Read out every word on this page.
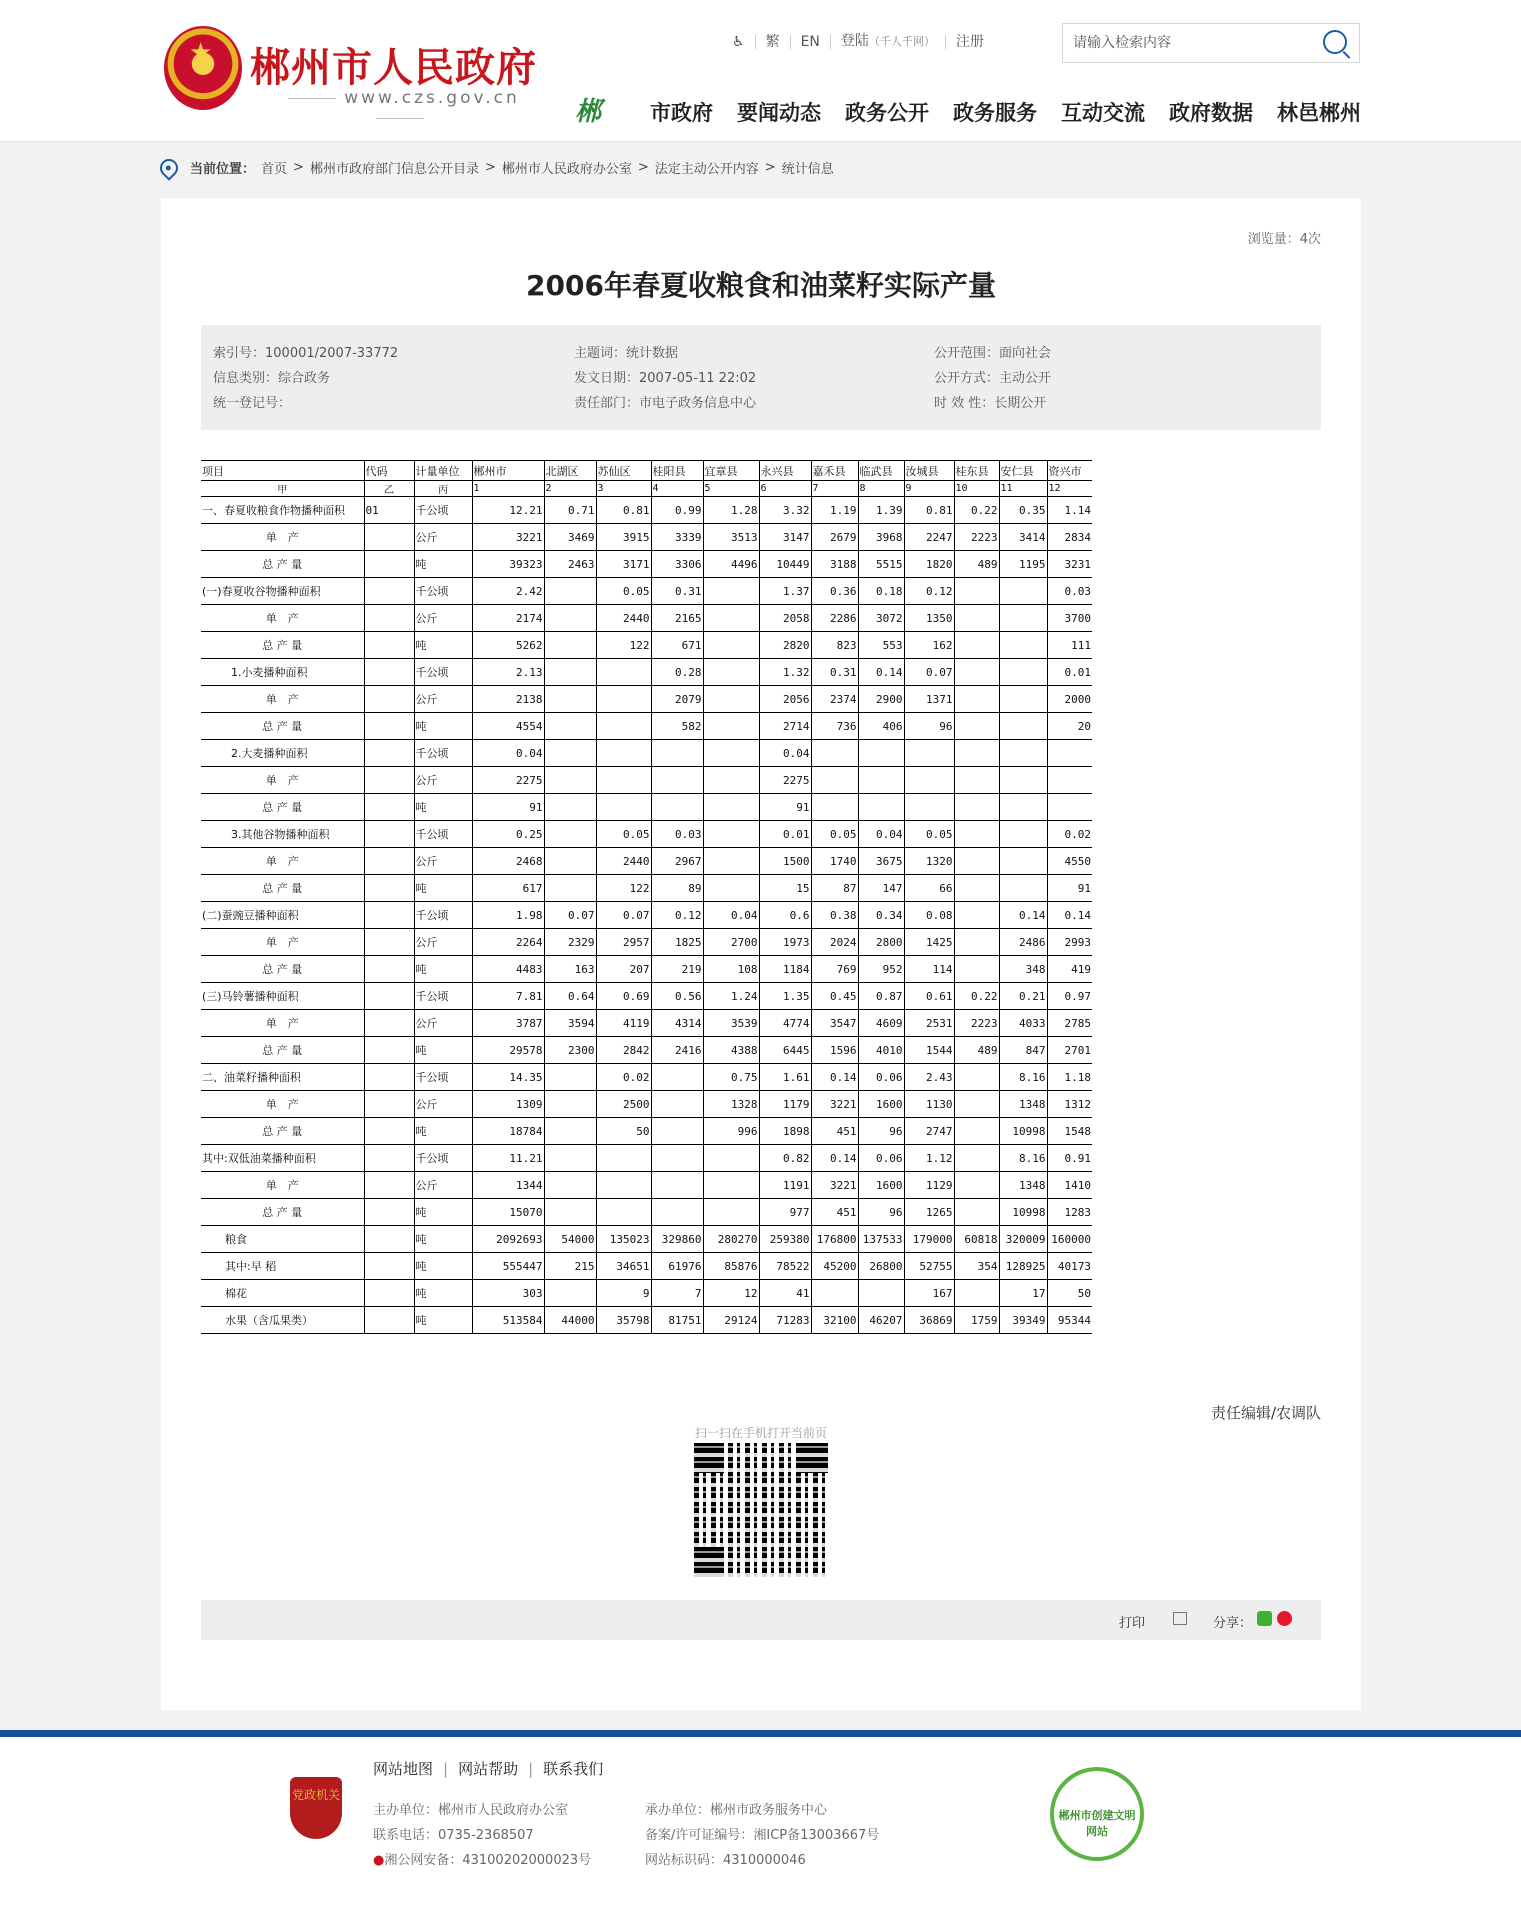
★ 郴州市人民政府
www.czs.gov.cn
♿︎	繁	EN	登陆（千人千网）	注册
请输入检索内容
郴 市政府 要闻动态 政务公开 政务服务 互动交流 政府数据 林邑郴州
当前位置： 首页 > 郴州市政府部门信息公开目录 > 郴州市人民政府办公室 > 法定主动公开内容 > 统计信息
浏览量：4次
2006年春夏收粮食和油菜籽实际产量
索引号：100001/2007-33772
信息类别：综合政务
统一登记号：
主题词：统计数据
发文日期：2007-05-11 22:02
责任部门：市电子政务信息中心
公开范围：面向社会
公开方式：主动公开
时 效 性：长期公开
项目	代码	计量单位	郴州市	北湖区	苏仙区	桂阳县	宜章县	永兴县	嘉禾县	临武县	汝城县	桂东县	安仁县	资兴市
甲	乙	丙	1	2	3	4	5	6	7	8	9	10	11	12
一、春夏收粮食作物播种面积	01	千公顷	12.21	0.71	0.81	0.99	1.28	3.32	1.19	1.39	0.81	0.22	0.35	1.14
单　产		公斤	3221	3469	3915	3339	3513	3147	2679	3968	2247	2223	3414	2834
总 产 量		吨	39323	2463	3171	3306	4496	10449	3188	5515	1820	489	1195	3231
(一)春夏收谷物播种面积		千公顷	2.42		0.05	0.31		1.37	0.36	0.18	0.12			0.03
单　产		公斤	2174		2440	2165		2058	2286	3072	1350			3700
总 产 量		吨	5262		122	671		2820	823	553	162			111
1.小麦播种面积		千公顷	2.13			0.28		1.32	0.31	0.14	0.07			0.01
单　产		公斤	2138			2079		2056	2374	2900	1371			2000
总 产 量		吨	4554			582		2714	736	406	96			20
2.大麦播种面积		千公顷	0.04					0.04						
单　产		公斤	2275					2275						
总 产 量		吨	91					91						
3.其他谷物播种面积		千公顷	0.25		0.05	0.03		0.01	0.05	0.04	0.05			0.02
单　产		公斤	2468		2440	2967		1500	1740	3675	1320			4550
总 产 量		吨	617		122	89		15	87	147	66			91
(二)蚕豌豆播种面积		千公顷	1.98	0.07	0.07	0.12	0.04	0.6	0.38	0.34	0.08		0.14	0.14
单　产		公斤	2264	2329	2957	1825	2700	1973	2024	2800	1425		2486	2993
总 产 量		吨	4483	163	207	219	108	1184	769	952	114		348	419
(三)马铃薯播种面积		千公顷	7.81	0.64	0.69	0.56	1.24	1.35	0.45	0.87	0.61	0.22	0.21	0.97
单　产		公斤	3787	3594	4119	4314	3539	4774	3547	4609	2531	2223	4033	2785
总 产 量		吨	29578	2300	2842	2416	4388	6445	1596	4010	1544	489	847	2701
二、油菜籽播种面积		千公顷	14.35		0.02		0.75	1.61	0.14	0.06	2.43		8.16	1.18
单　产		公斤	1309		2500		1328	1179	3221	1600	1130		1348	1312
总 产 量		吨	18784		50		996	1898	451	96	2747		10998	1548
其中:双低油菜播种面积		千公顷	11.21					0.82	0.14	0.06	1.12		8.16	0.91
单　产		公斤	1344					1191	3221	1600	1129		1348	1410
总 产 量		吨	15070					977	451	96	1265		10998	1283
粮食		吨	2092693	54000	135023	329860	280270	259380	176800	137533	179000	60818	320009	160000
其中:早 稻		吨	555447	215	34651	61976	85876	78522	45200	26800	52755	354	128925	40173
棉花		吨	303		9	7	12	41			167		17	50
水果（含瓜果类）		吨	513584	44000	35798	81751	29124	71283	32100	46207	36869	1759	39349	95344
责任编辑/农调队
扫一扫在手机打开当前页
打印	分享：
党政机关
网站地图 | 网站帮助 | 联系我们
主办单位：郴州市人民政府办公室
联系电话：0735-2368507
●湘公网安备：43100202000023号
承办单位：郴州市政务服务中心
备案/许可证编号：湘ICP备13003667号
网站标识码：4310000046
郴州市创建文明网站
